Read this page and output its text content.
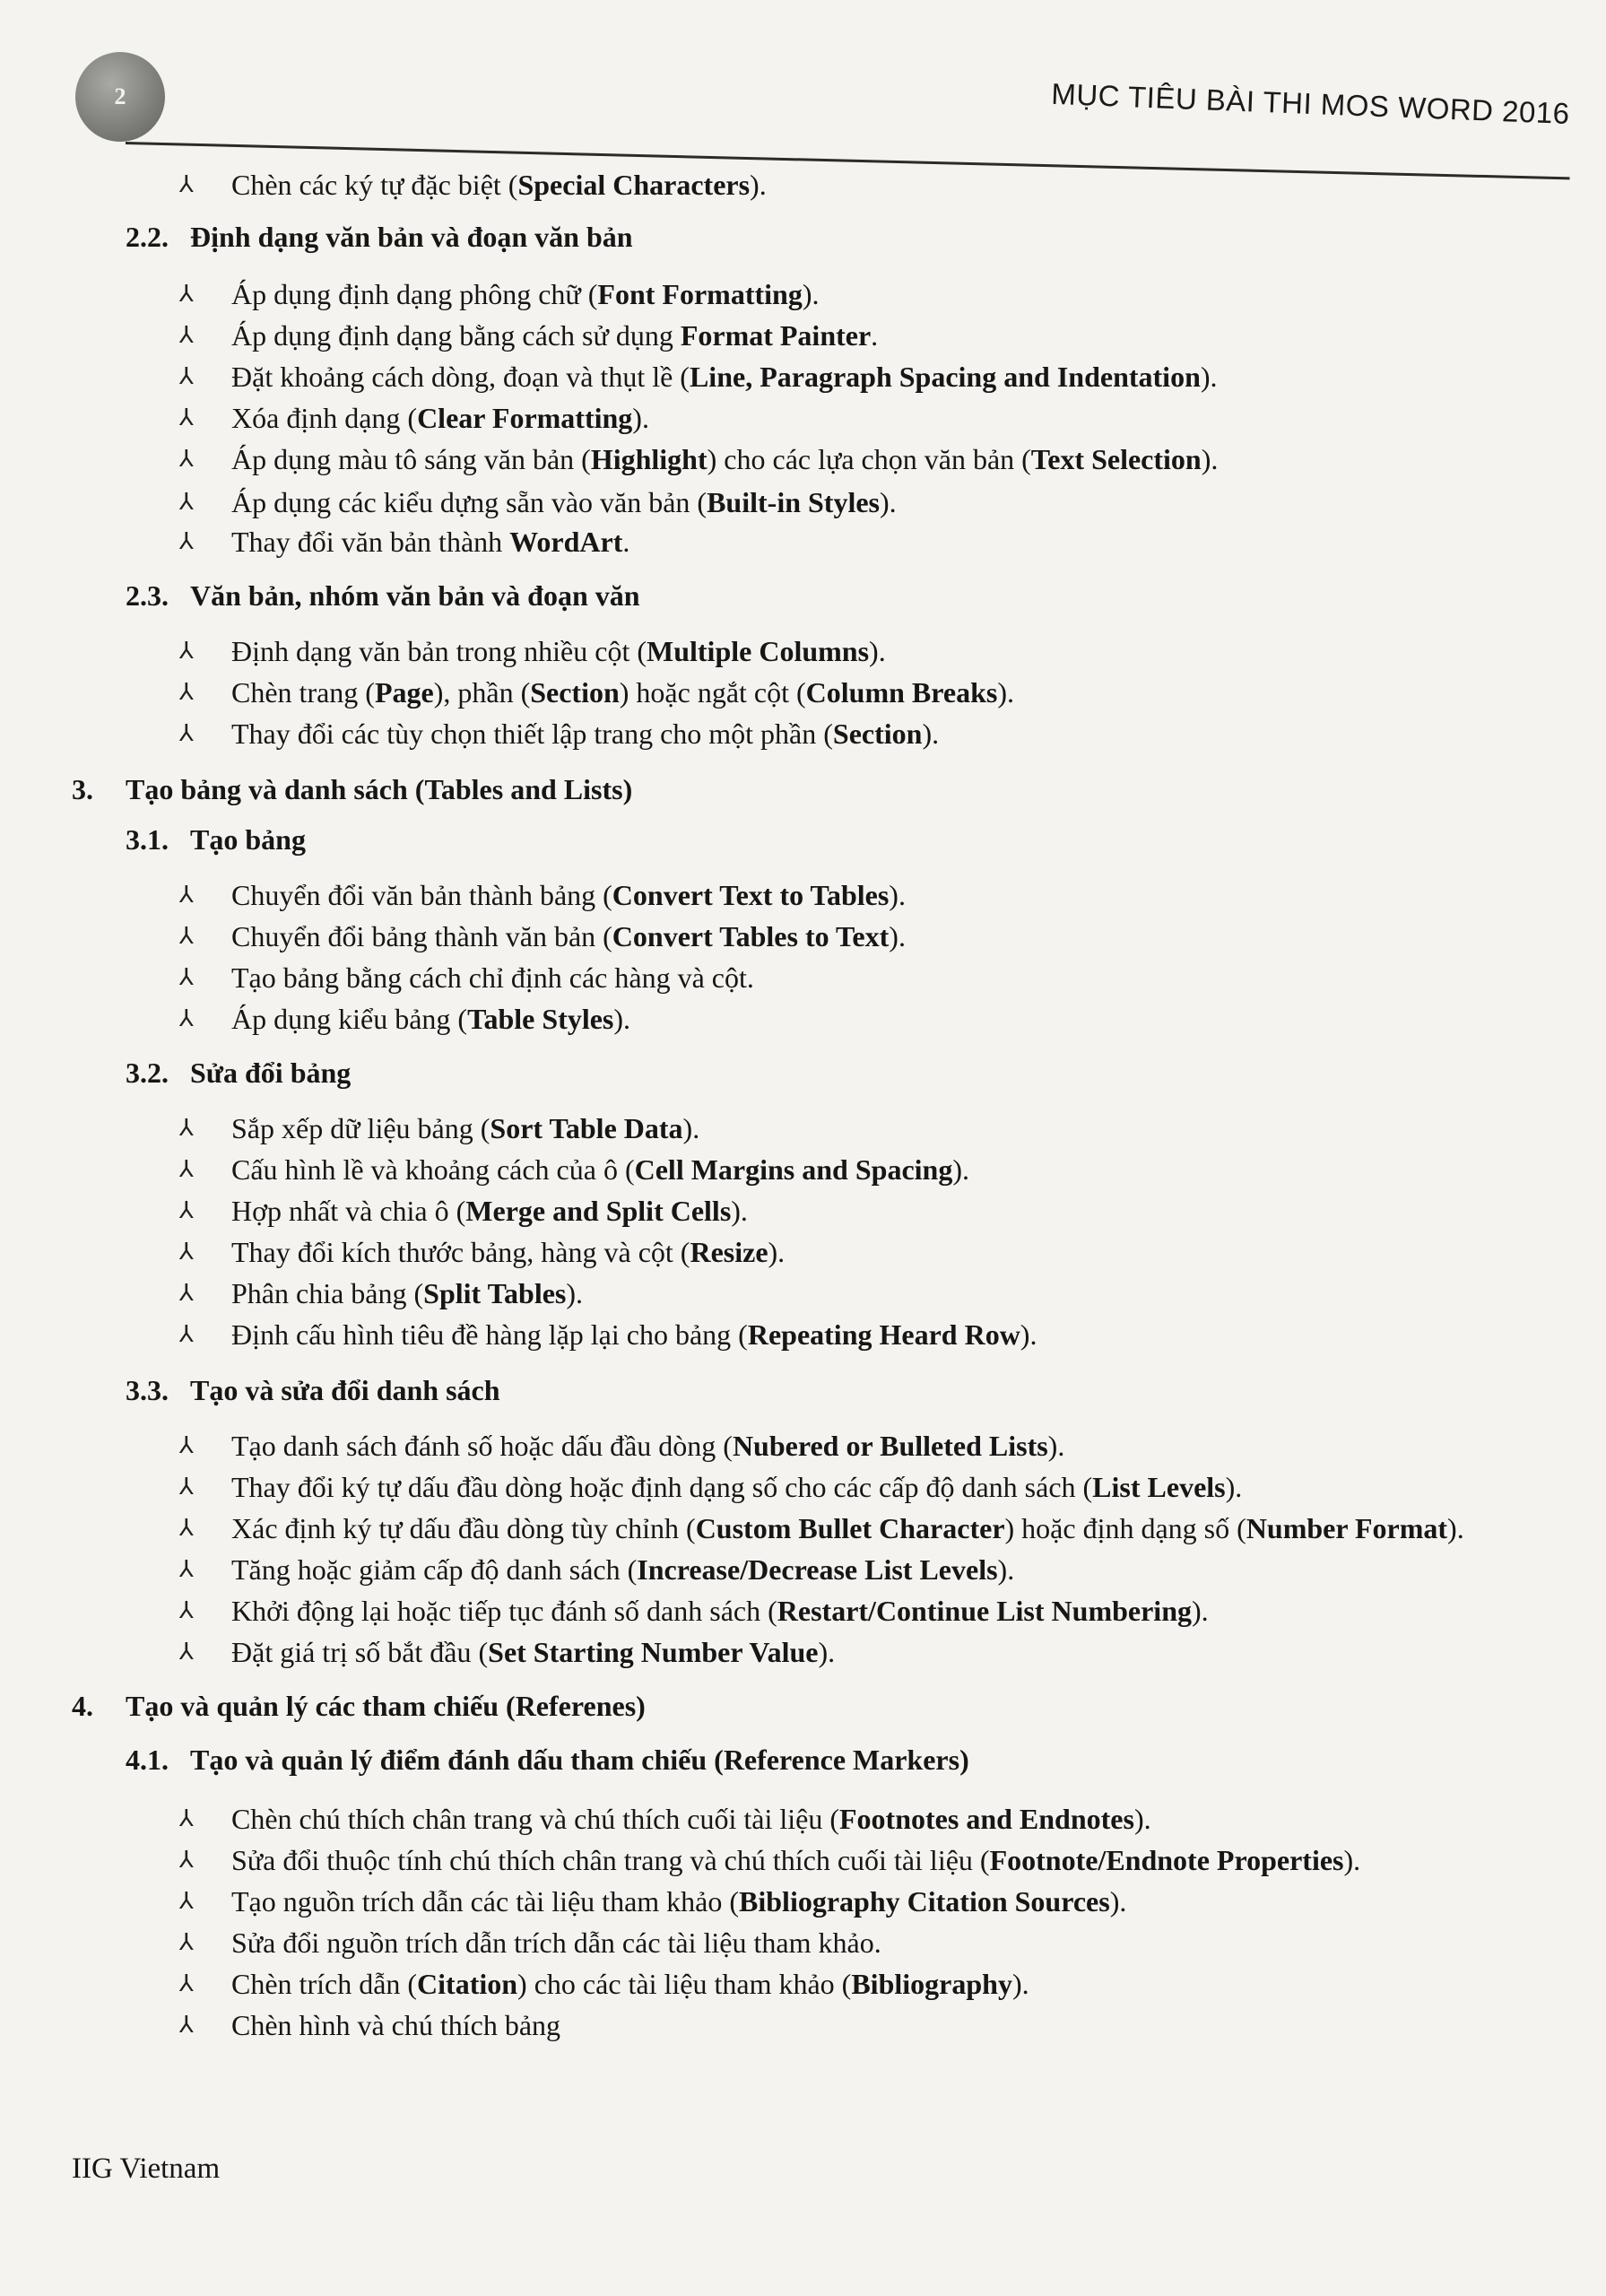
2	MỤC TIÊU BÀI THI MOS WORD 2016
⅄ Chèn các ký tự đặc biệt (Special Characters).
2.2. Định dạng văn bản và đoạn văn bản
⅄ Áp dụng định dạng phông chữ (Font Formatting).
⅄ Áp dụng định dạng bằng cách sử dụng Format Painter.
⅄ Đặt khoảng cách dòng, đoạn và thụt lề (Line, Paragraph Spacing and Indentation).
⅄ Xóa định dạng (Clear Formatting).
⅄ Áp dụng màu tô sáng văn bản (Highlight) cho các lựa chọn văn bản (Text Selection).
⅄ Áp dụng các kiểu dựng sẵn vào văn bản (Built-in Styles).
⅄ Thay đổi văn bản thành WordArt.
2.3. Văn bản, nhóm văn bản và đoạn văn
⅄ Định dạng văn bản trong nhiều cột (Multiple Columns).
⅄ Chèn trang (Page), phần (Section) hoặc ngắt cột (Column Breaks).
⅄ Thay đổi các tùy chọn thiết lập trang cho một phần (Section).
3. Tạo bảng và danh sách (Tables and Lists)
3.1. Tạo bảng
⅄ Chuyển đổi văn bản thành bảng (Convert Text to Tables).
⅄ Chuyển đổi bảng thành văn bản (Convert Tables to Text).
⅄ Tạo bảng bằng cách chỉ định các hàng và cột.
⅄ Áp dụng kiểu bảng (Table Styles).
3.2. Sửa đổi bảng
⅄ Sắp xếp dữ liệu bảng (Sort Table Data).
⅄ Cấu hình lề và khoảng cách của ô (Cell Margins and Spacing).
⅄ Hợp nhất và chia ô (Merge and Split Cells).
⅄ Thay đổi kích thước bảng, hàng và cột (Resize).
⅄ Phân chia bảng (Split Tables).
⅄ Định cấu hình tiêu đề hàng lặp lại cho bảng (Repeating Heard Row).
3.3. Tạo và sửa đổi danh sách
⅄ Tạo danh sách đánh số hoặc dấu đầu dòng (Nubered or Bulleted Lists).
⅄ Thay đổi ký tự dấu đầu dòng hoặc định dạng số cho các cấp độ danh sách (List Levels).
⅄ Xác định ký tự dấu đầu dòng tùy chỉnh (Custom Bullet Character) hoặc định dạng số (Number Format).
⅄ Tăng hoặc giảm cấp độ danh sách (Increase/Decrease List Levels).
⅄ Khởi động lại hoặc tiếp tục đánh số danh sách (Restart/Continue List Numbering).
⅄ Đặt giá trị số bắt đầu (Set Starting Number Value).
4. Tạo và quản lý các tham chiếu (Referenes)
4.1. Tạo và quản lý điểm đánh dấu tham chiếu (Reference Markers)
⅄ Chèn chú thích chân trang và chú thích cuối tài liệu (Footnotes and Endnotes).
⅄ Sửa đổi thuộc tính chú thích chân trang và chú thích cuối tài liệu (Footnote/Endnote Properties).
⅄ Tạo nguồn trích dẫn các tài liệu tham khảo (Bibliography Citation Sources).
⅄ Sửa đổi nguồn trích dẫn trích dẫn các tài liệu tham khảo.
⅄ Chèn trích dẫn (Citation) cho các tài liệu tham khảo (Bibliography).
⅄ Chèn hình và chú thích bảng
IIG Vietnam
